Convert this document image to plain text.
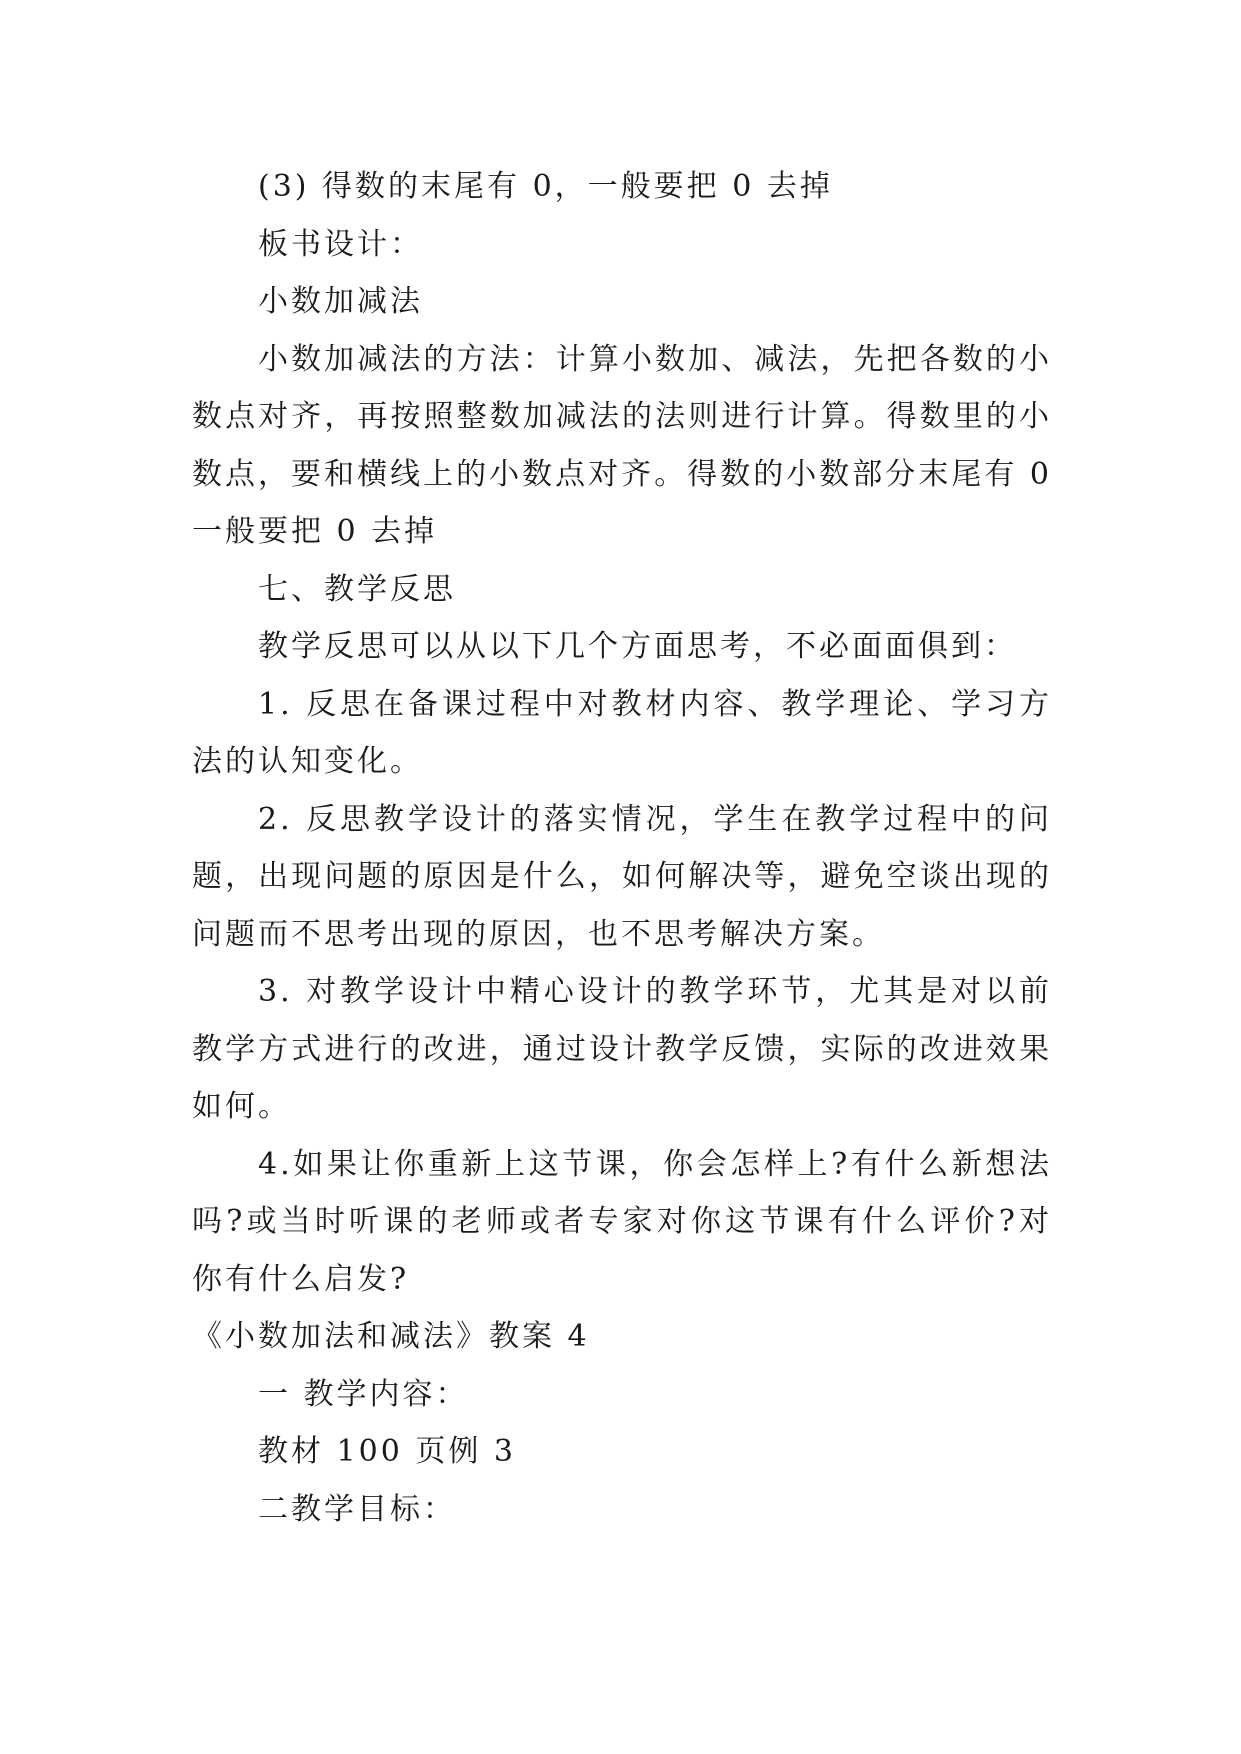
(3) 得数的末尾有 0，一般要把 0 去掉

板书设计：

小数加减法

小数加减法的方法：计算小数加、减法，先把各数的小数点对齐，再按照整数加减法的法则进行计算。得数里的小数点，要和横线上的小数点对齐。得数的小数部分末尾有 0 一般要把 0 去掉

七、教学反思

教学反思可以从以下几个方面思考，不必面面俱到：

1. 反思在备课过程中对教材内容、教学理论、学习方法的认知变化。

2. 反思教学设计的落实情况，学生在教学过程中的问题，出现问题的原因是什么，如何解决等，避免空谈出现的问题而不思考出现的原因，也不思考解决方案。

3. 对教学设计中精心设计的教学环节，尤其是对以前教学方式进行的改进，通过设计教学反馈，实际的改进效果如何。

4.如果让你重新上这节课，你会怎样上?有什么新想法吗?或当时听课的老师或者专家对你这节课有什么评价?对你有什么启发?

《小数加法和减法》教案 4

一 教学内容：

教材 100 页例 3

二教学目标：
